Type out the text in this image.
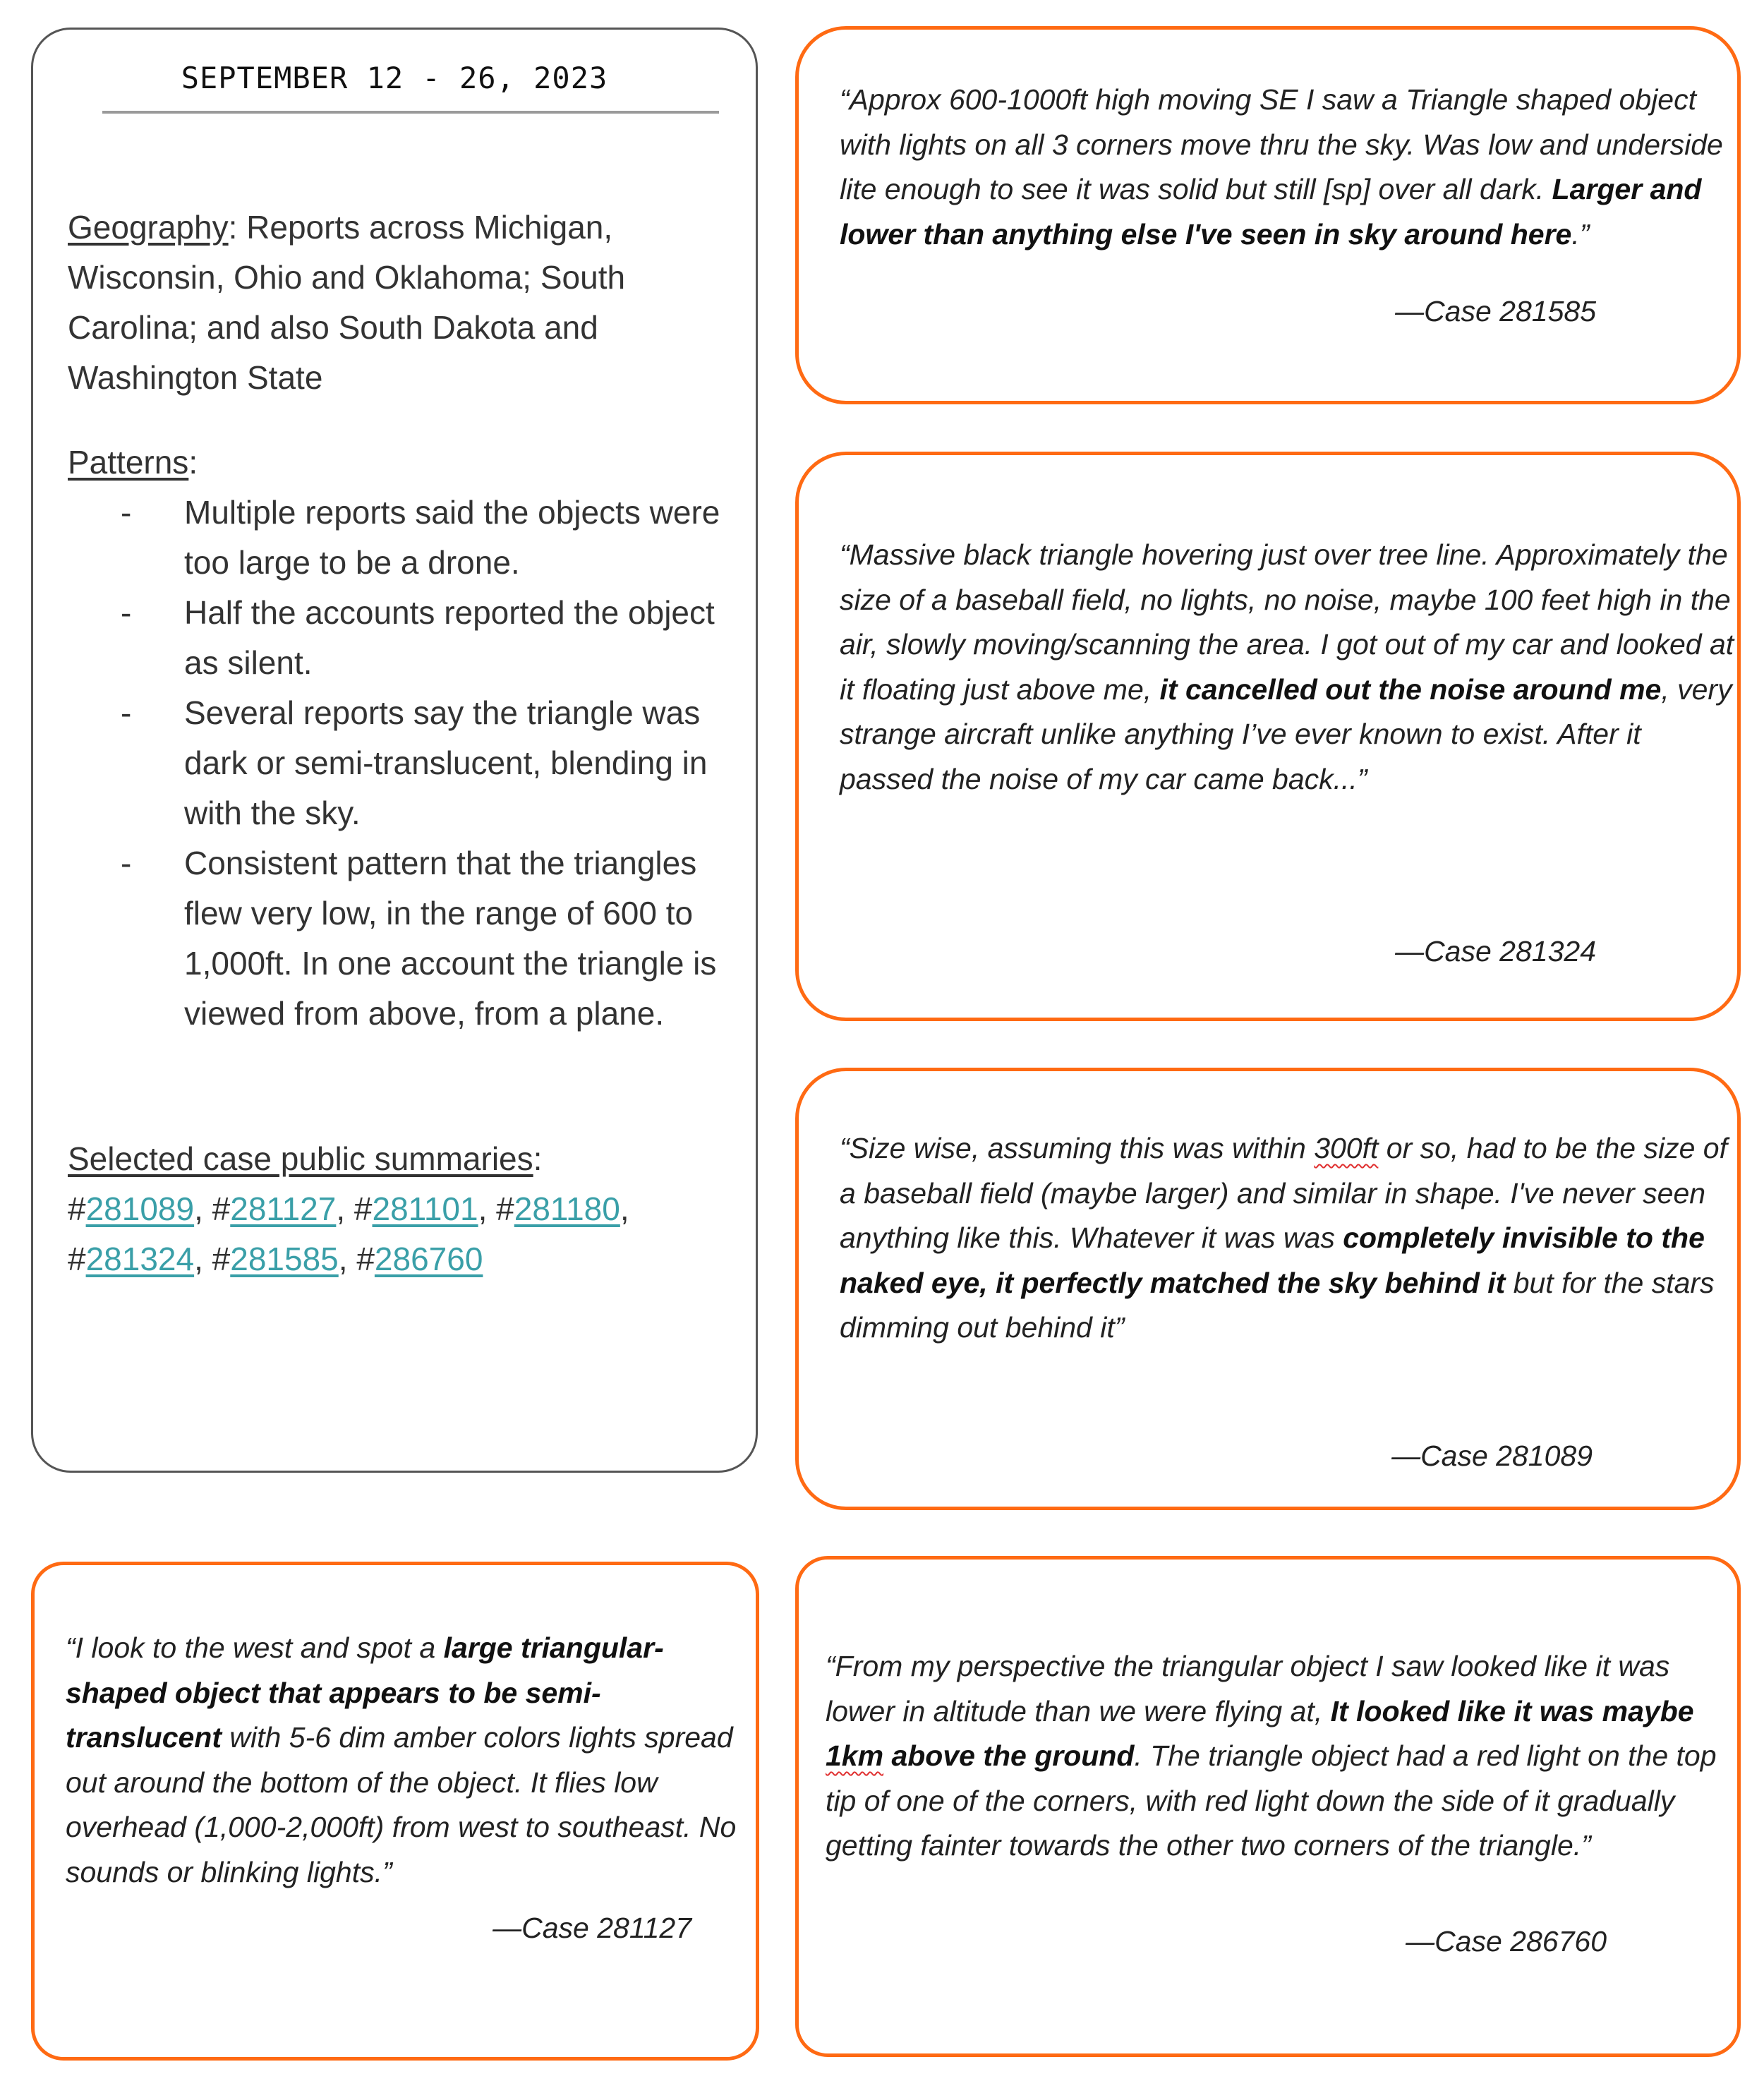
SEPTEMBER 12 - 26, 2023
Geography: Reports across Michigan, Wisconsin, Ohio and Oklahoma; South Carolina; and also South Dakota and Washington State
Patterns:
- Multiple reports said the objects were too large to be a drone.
- Half the accounts reported the object as silent.
- Several reports say the triangle was dark or semi-translucent, blending in with the sky.
- Consistent pattern that the triangles flew very low, in the range of 600 to 1,000ft. In one account the triangle is viewed from above, from a plane.
Selected case public summaries:
#281089, #281127, #281101, #281180,
#281324, #281585, #286760

“Approx 600-1000ft high moving SE I saw a Triangle shaped object with lights on all 3 corners move thru the sky. Was low and underside lite enough to see it was solid but still [sp] over all dark. Larger and lower than anything else I've seen in sky around here.”

—Case 281585

“Massive black triangle hovering just over tree line. Approximately the size of a baseball field, no lights, no noise, maybe 100 feet high in the air, slowly moving/scanning the area. I got out of my car and looked at it floating just above me, it cancelled out the noise around me, very strange aircraft unlike anything I’ve ever known to exist. After it passed the noise of my car came back...”

—Case 281324

“Size wise, assuming this was within 300ft or so, had to be the size of a baseball field (maybe larger) and similar in shape. I've never seen anything like this. Whatever it was was completely invisible to the naked eye, it perfectly matched the sky behind it but for the stars dimming out behind it”

—Case 281089

“From my perspective the triangular object I saw looked like it was lower in altitude than we were flying at, It looked like it was maybe 1km above the ground. The triangle object had a red light on the top tip of one of the corners, with red light down the side of it gradually getting fainter towards the other two corners of the triangle.”

—Case 286760

“I look to the west and spot a large triangular-shaped object that appears to be semi-translucent with 5-6 dim amber colors lights spread out around the bottom of the object. It flies low overhead (1,000-2,000ft) from west to southeast. No sounds or blinking lights.”

—Case 281127
